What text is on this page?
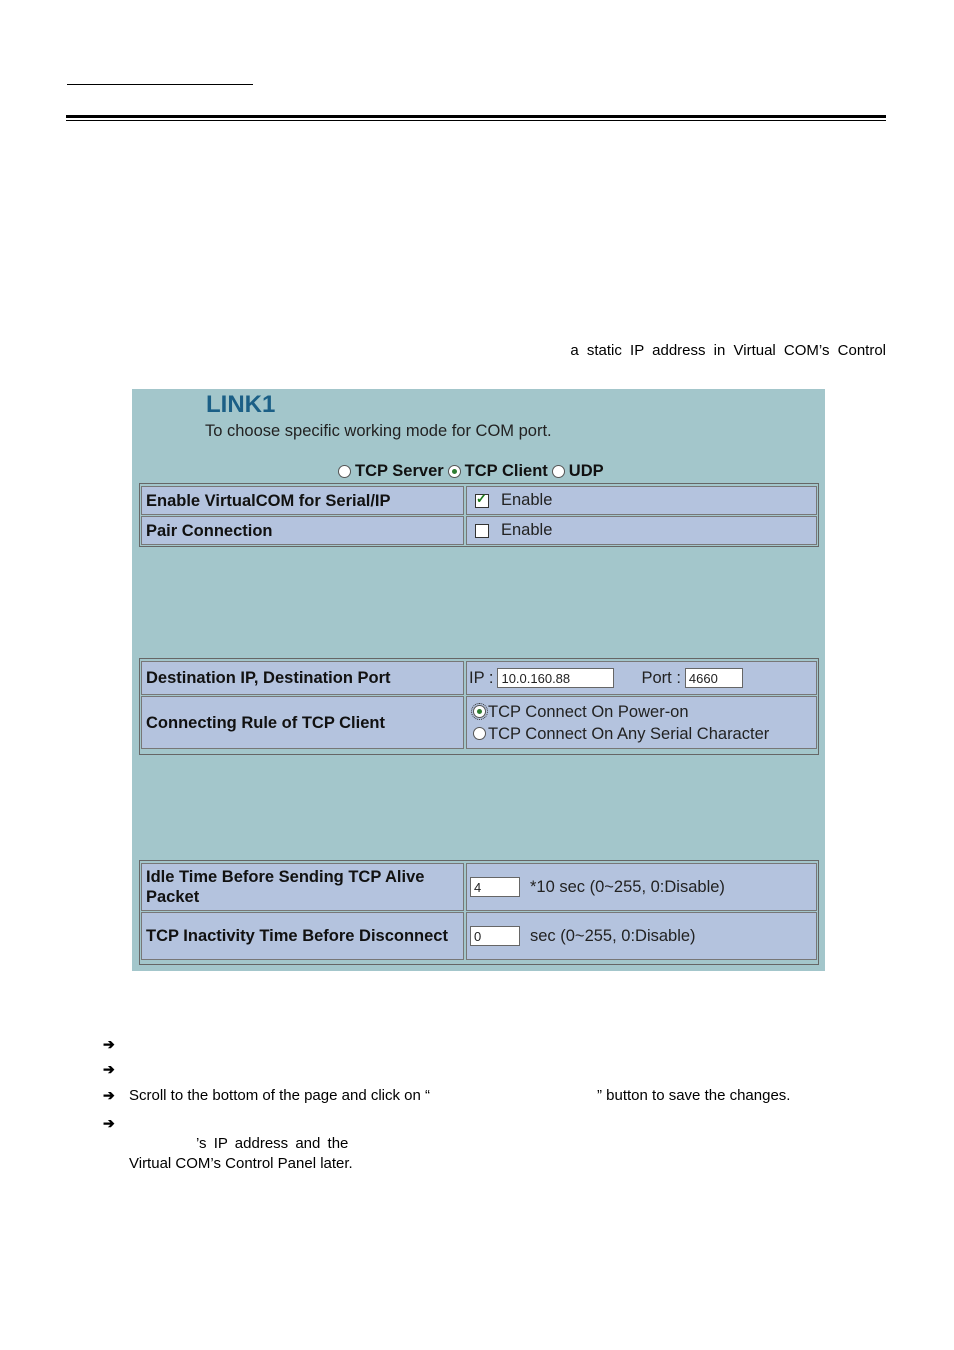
a static IP address in Virtual COM’s Control
LINK1
To choose specific working mode for COM port.
TCP Server TCP Client UDP
Enable VirtualCOM for Serial/IP
✓	Enable
Pair Connection	Enable
Destination IP, Destination Port	IP : 10.0.160.88	Port : 4660
Connecting Rule of TCP Client
TCP Connect On Power-on
TCP Connect On Any Serial Character
Idle Time Before Sending TCP Alive Packet
4	*10 sec (0~255, 0:Disable)
TCP Inactivity Time Before Disconnect	0	sec (0~255, 0:Disable)
➔
➔
➔ Scroll to the bottom of the page and click on “	” button to save the changes.
➔
’s IP address and the
Virtual COM’s Control Panel later.
